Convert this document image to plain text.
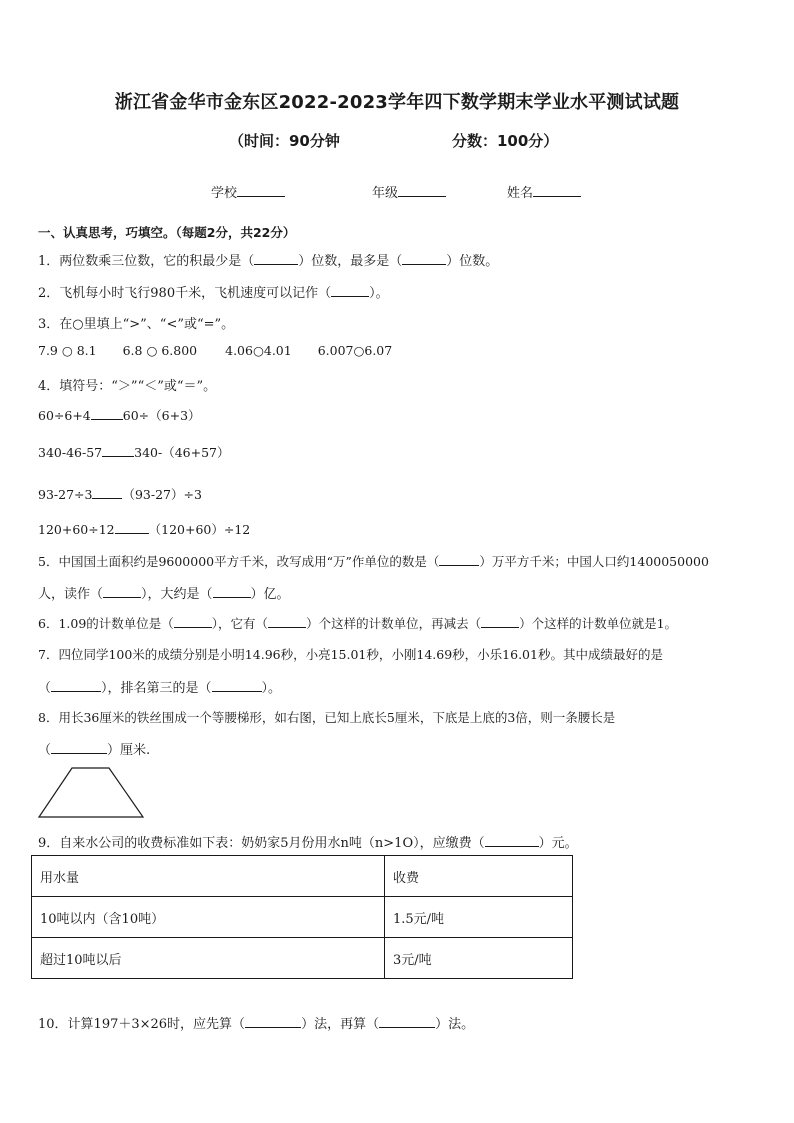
浙江省金华市金东区2022-2023学年四下数学期末学业水平测试试题
（时间：90分钟	分数：100分）
学校	年级	姓名
一、认真思考，巧填空。（每题2分，共22分）
1．两位数乘三位数，它的积最少是（	）位数，最多是（	）位数。
2．飞机每小时飞行980千米，飞机速度可以记作（	）。
3．在○里填上“>”、“<”或“=”。
7.9 ○ 8.1 6.8 ○ 6.800 4.06○4.01 6.007○6.07
4．填符号：“＞”“＜”或“＝”。
60÷6+4	60÷（6+3）
340-46-57	340-（46+57）
93-27÷3 （93-27）÷3
120+60÷12	（120+60）÷12
5．中国国土面积约是9600000平方千米，改写成用“万”作单位的数是（	）万平方千米；中国人口约1400050000
人，读作（	），大约是（	）亿。
6．1.09的计数单位是（	），它有（	）个这样的计数单位，再减去（	）个这样的计数单位就是1。
7．四位同学100米的成绩分别是小明14.96秒，小亮15.01秒，小刚14.69秒，小乐16.01秒。其中成绩最好的是
（	），排名第三的是（	）。
8．用长36厘米的铁丝围成一个等腰梯形，如右图，已知上底长5厘米，下底是上底的3倍，则一条腰长是
（	）厘米.
9．自来水公司的收费标准如下表：奶奶家5月份用水n吨（n>1O），应缴费（	）元。
用水量	收费
10吨以内（含10吨）	1.5元/吨
超过10吨以后	3元/吨
10．计算197＋3×26时，应先算（	）法，再算（	）法。
